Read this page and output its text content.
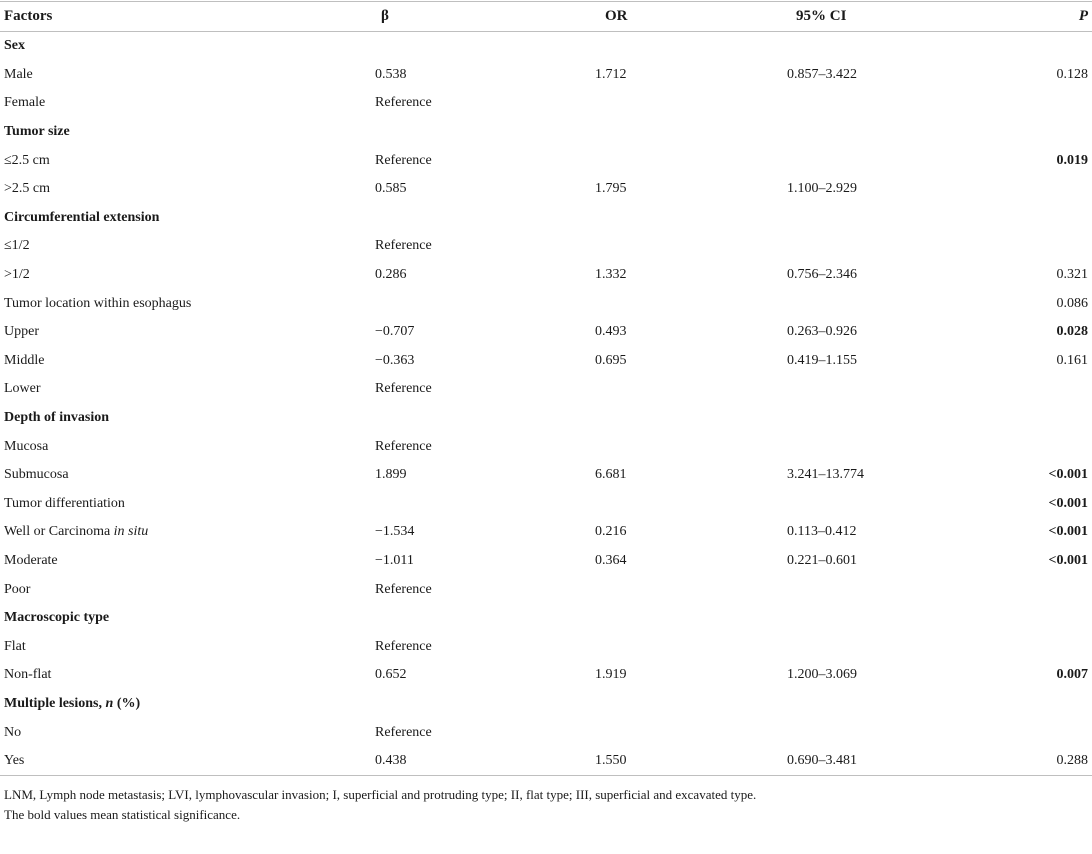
Factors	β	OR	95% CI	P
Sex				
Male	0.538	1.712	0.857–3.422	0.128
Female	Reference			
Tumor size				
≤2.5 cm	Reference			0.019
>2.5 cm	0.585	1.795	1.100–2.929	
Circumferential extension				
≤1/2	Reference			
>1/2	0.286	1.332	0.756–2.346	0.321
Tumor location within esophagus				0.086
Upper	−0.707	0.493	0.263–0.926	0.028
Middle	−0.363	0.695	0.419–1.155	0.161
Lower	Reference			
Depth of invasion				
Mucosa	Reference			
Submucosa	1.899	6.681	3.241–13.774	<0.001
Tumor differentiation				<0.001
Well or Carcinoma in situ	−1.534	0.216	0.113–0.412	<0.001
Moderate	−1.011	0.364	0.221–0.601	<0.001
Poor	Reference			
Macroscopic type				
Flat	Reference			
Non-flat	0.652	1.919	1.200–3.069	0.007
Multiple lesions, n (%)				
No	Reference			
Yes	0.438	1.550	0.690–3.481	0.288

LNM, Lymph node metastasis; LVI, lymphovascular invasion; I, superficial and protruding type; II, flat type; III, superficial and excavated type.
The bold values mean statistical significance.
